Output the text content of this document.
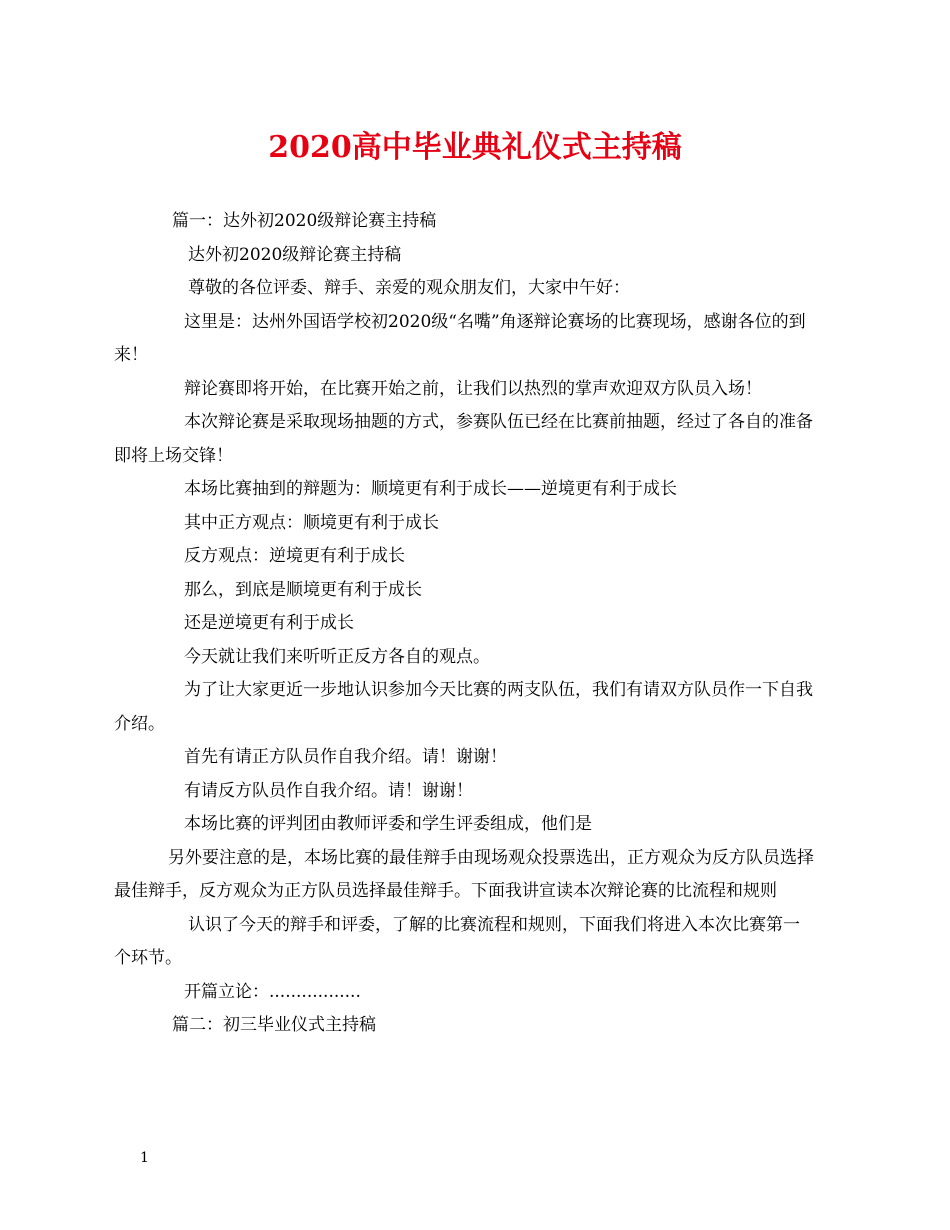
2020高中毕业典礼仪式主持稿

篇一：达外初2020级辩论赛主持稿

达外初2020级辩论赛主持稿

尊敬的各位评委、辩手、亲爱的观众朋友们，大家中午好：

这里是：达州外国语学校初2020级“名嘴”角逐辩论赛场的比赛现场，感谢各位的到来！

辩论赛即将开始，在比赛开始之前，让我们以热烈的掌声欢迎双方队员入场！

本次辩论赛是采取现场抽题的方式，参赛队伍已经在比赛前抽题，经过了各自的准备即将上场交锋！

本场比赛抽到的辩题为：顺境更有利于成长——逆境更有利于成长

其中正方观点：顺境更有利于成长

反方观点：逆境更有利于成长

那么，到底是顺境更有利于成长

还是逆境更有利于成长

今天就让我们来听听正反方各自的观点。

为了让大家更近一步地认识参加今天比赛的两支队伍，我们有请双方队员作一下自我介绍。

首先有请正方队员作自我介绍。请！谢谢！

有请反方队员作自我介绍。请！谢谢！

本场比赛的评判团由教师评委和学生评委组成，他们是

另外要注意的是，本场比赛的最佳辩手由现场观众投票选出，正方观众为反方队员选择最佳辩手，反方观众为正方队员选择最佳辩手。下面我讲宣读本次辩论赛的比流程和规则

认识了今天的辩手和评委，了解的比赛流程和规则，下面我们将进入本次比赛第一个环节。

开篇立论：.................

篇二：初三毕业仪式主持稿

1
